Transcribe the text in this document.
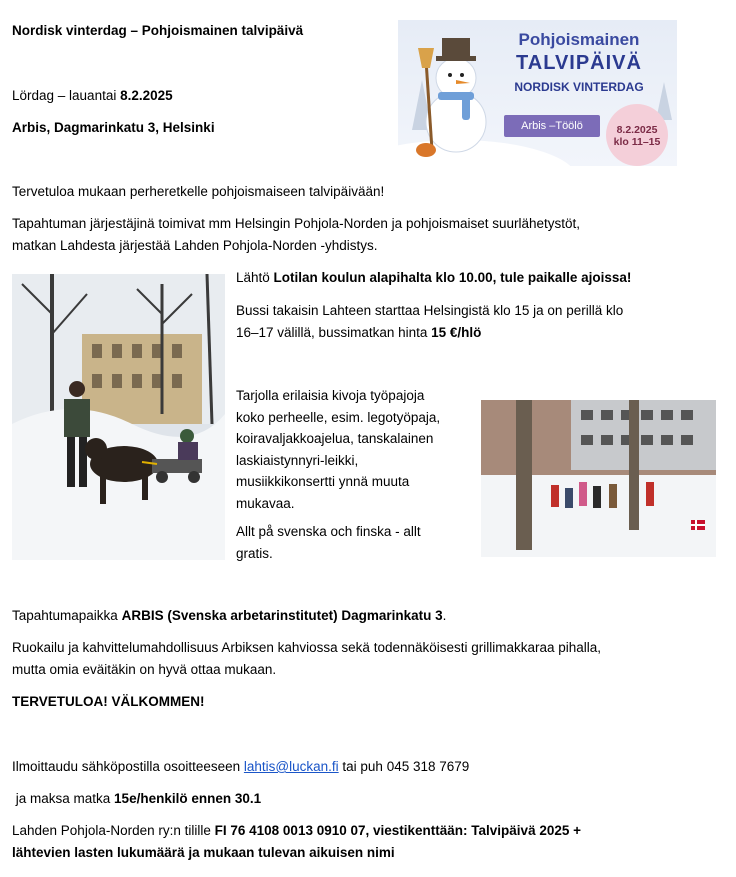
Nordisk vinterdag – Pohjoismainen talvipäivä
Lördag – lauantai 8.2.2025
Arbis, Dagmarinkatu 3, Helsinki
Pohjoismainen
TALVIPÄIVÄ
NORDISK VINTERDAG
Arbis –Töölö	8.2.2025
klo 11–15
Tervetuloa mukaan perheretkelle pohjoismaiseen talvipäivään!
Tapahtuman järjestäjinä toimivat mm Helsingin Pohjola-Norden ja pohjoismaiset suurlähetystöt,
matkan Lahdesta järjestää Lahden Pohjola-Norden -yhdistys.
Lähtö Lotilan koulun alapihalta klo 10.00, tule paikalle ajoissa!
Bussi takaisin Lahteen starttaa Helsingistä klo 15 ja on perillä klo
16–17 välillä, bussimatkan hinta 15 €/hlö
Tarjolla erilaisia kivoja työpajoja
koko perheelle, esim. legotyöpaja,
koiravaljakkoajelua, tanskalainen
laskiaistynnyri-leikki,
musiikkikonsertti ynnä muuta
mukavaa.
Allt på svenska och finska - allt
gratis.
Tapahtumapaikka ARBIS (Svenska arbetarinstitutet) Dagmarinkatu 3.
Ruokailu ja kahvittelumahdollisuus Arbiksen kahviossa sekä todennäköisesti grillimakkaraa pihalla,
mutta omia eväitäkin on hyvä ottaa mukaan.
TERVETULOA! VÄLKOMMEN!
Ilmoittaudu sähköpostilla osoitteeseen lahtis@luckan.fi tai puh 045 318 7679
ja maksa matka 15e/henkilö ennen 30.1
Lahden Pohjola-Norden ry:n tilille FI 76 4108 0013 0910 07, viestikenttään: Talvipäivä 2025 +
lähtevien lasten lukumäärä ja mukaan tulevan aikuisen nimi
